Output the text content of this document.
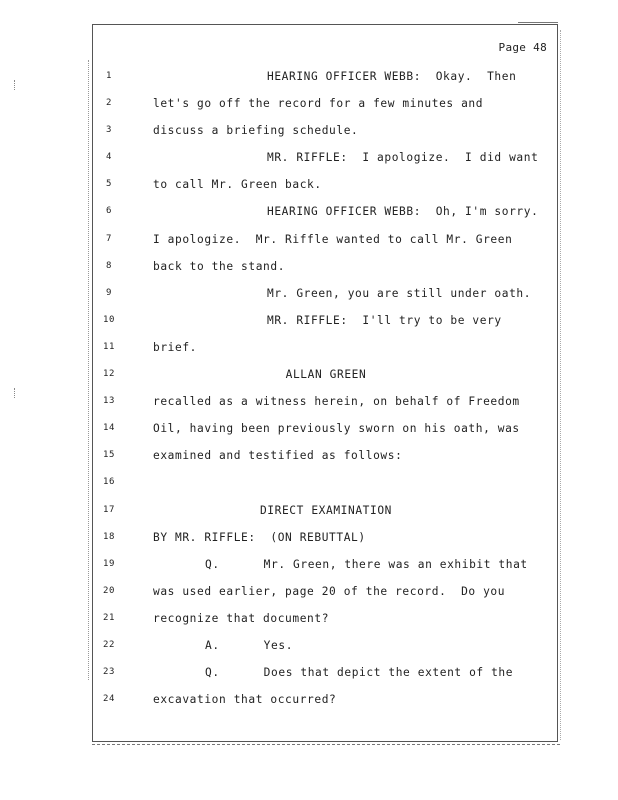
Page 48
1	HEARING OFFICER WEBB:  Okay.  Then
2	let's go off the record for a few minutes and
3	discuss a briefing schedule.
4	MR. RIFFLE:  I apologize.  I did want
5	to call Mr. Green back.
6	HEARING OFFICER WEBB:  Oh, I'm sorry.
7	I apologize.  Mr. Riffle wanted to call Mr. Green
8	back to the stand.
9	Mr. Green, you are still under oath.
10	MR. RIFFLE:  I'll try to be very
11	brief.
12	ALLAN GREEN
13	recalled as a witness herein, on behalf of Freedom
14	Oil, having been previously sworn on his oath, was
15	examined and testified as follows:
16
17	DIRECT EXAMINATION
18	BY MR. RIFFLE:  (ON REBUTTAL)
19	Q.      Mr. Green, there was an exhibit that
20	was used earlier, page 20 of the record.  Do you
21	recognize that document?
22	A.      Yes.
23	Q.      Does that depict the extent of the
24	excavation that occurred?
